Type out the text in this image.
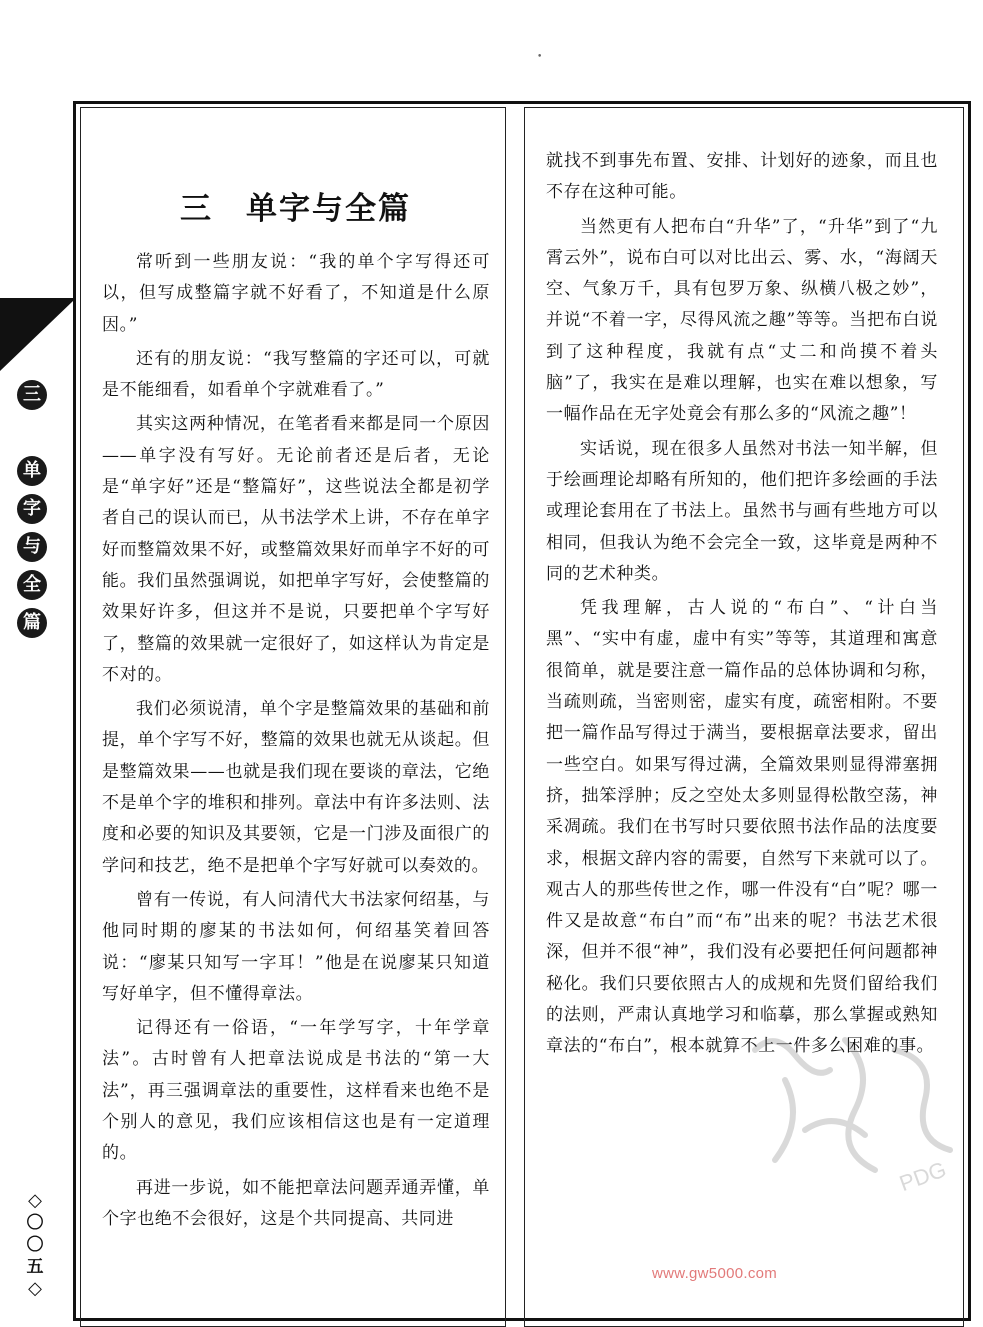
•
三　单字与全篇

常听到一些朋友说：“我的单个字写得还可以，但写成整篇字就不好看了，不知道是什么原因。”

还有的朋友说：“我写整篇的字还可以，可就是不能细看，如看单个字就难看了。”

其实这两种情况，在笔者看来都是同一个原因——单字没有写好。无论前者还是后者，无论是“单字好”还是“整篇好”，这些说法全都是初学者自己的误认而已，从书法学术上讲，不存在单字好而整篇效果不好，或整篇效果好而单字不好的可能。我们虽然强调说，如把单字写好，会使整篇的效果好许多，但这并不是说，只要把单个字写好了，整篇的效果就一定很好了，如这样认为肯定是不对的。

我们必须说清，单个字是整篇效果的基础和前提，单个字写不好，整篇的效果也就无从谈起。但是整篇效果——也就是我们现在要谈的章法，它绝不是单个字的堆积和排列。章法中有许多法则、法度和必要的知识及其要领，它是一门涉及面很广的学问和技艺，绝不是把单个字写好就可以奏效的。

曾有一传说，有人问清代大书法家何绍基，与他同时期的廖某的书法如何，何绍基笑着回答说：“廖某只知写一字耳！”他是在说廖某只知道写好单字，但不懂得章法。

记得还有一俗语，“一年学写字，十年学章法”。古时曾有人把章法说成是书法的“第一大法”，再三强调章法的重要性，这样看来也绝不是个别人的意见，我们应该相信这也是有一定道理的。

再进一步说，如不能把章法问题弄通弄懂，单个字也绝不会很好，这是个共同提高、共同进

就找不到事先布置、安排、计划好的迹象，而且也不存在这种可能。

当然更有人把布白“升华”了，“升华”到了“九霄云外”，说布白可以对比出云、雾、水，“海阔天空、气象万千，具有包罗万象、纵横八极之妙”，并说“不着一字，尽得风流之趣”等等。当把布白说到了这种程度，我就有点“丈二和尚摸不着头脑”了，我实在是难以理解，也实在难以想象，写一幅作品在无字处竟会有那么多的“风流之趣”！

实话说，现在很多人虽然对书法一知半解，但于绘画理论却略有所知的，他们把许多绘画的手法或理论套用在了书法上。虽然书与画有些地方可以相同，但我认为绝不会完全一致，这毕竟是两种不同的艺术种类。

凭我理解，古人说的“布白”、“计白当黑”、“实中有虚，虚中有实”等等，其道理和寓意很简单，就是要注意一篇作品的总体协调和匀称，当疏则疏，当密则密，虚实有度，疏密相附。不要把一篇作品写得过于满当，要根据章法要求，留出一些空白。如果写得过满，全篇效果则显得滞塞拥挤，拙笨浮肿；反之空处太多则显得松散空荡，神采凋疏。我们在书写时只要依照书法作品的法度要求，根据文辞内容的需要，自然写下来就可以了。观古人的那些传世之作，哪一件没有“白”呢？哪一件又是故意“布白”而“布”出来的呢？书法艺术很深，但并不很“神”，我们没有必要把任何问题都神秘化。我们只要依照古人的成规和先贤们留给我们的法则，严肃认真地学习和临摹，那么掌握或熟知章法的“布白”，根本就算不上一件多么困难的事。

三
单
字
与
全
篇
◇
〇
〇
五
◇
PDG
www.gw5000.com
